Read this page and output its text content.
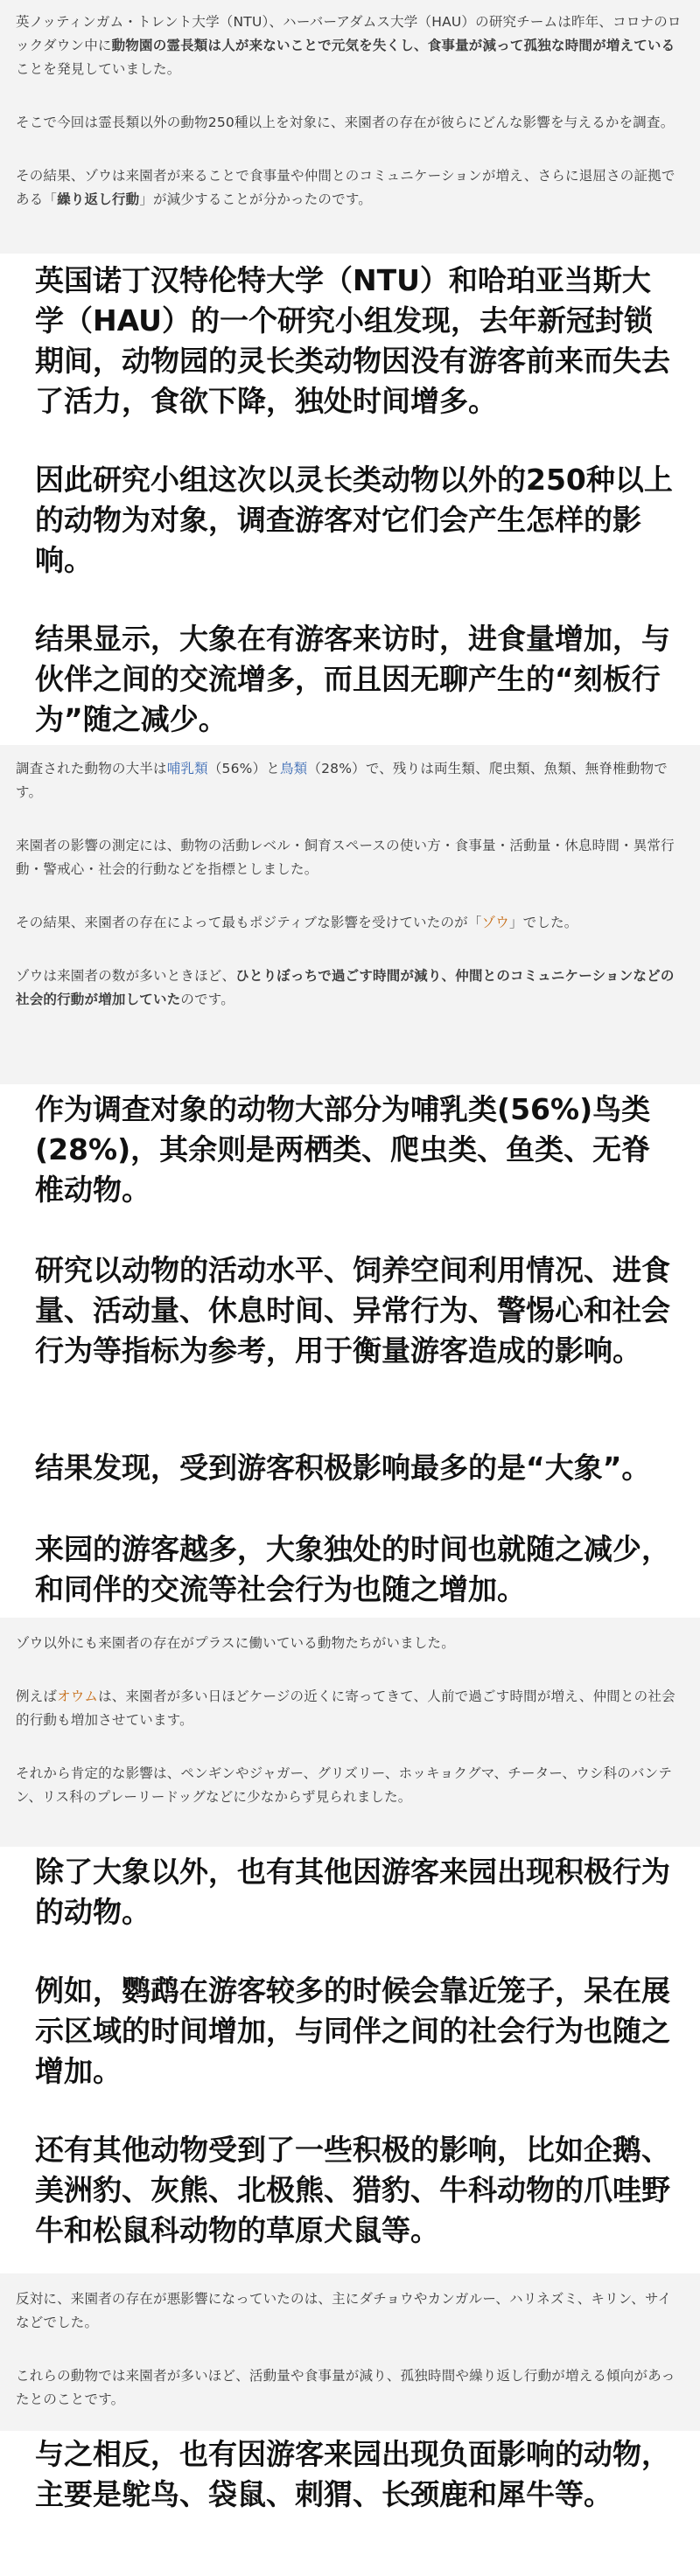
英ノッティンガム・トレント大学（NTU）、ハーバーアダムス大学（HAU）の研究チームは昨年、コロナのロックダウン中に動物園の霊長類は人が来ないことで元気を失くし、食事量が減って孤独な時間が増えていることを発見していました。

そこで今回は霊長類以外の動物250種以上を対象に、来園者の存在が彼らにどんな影響を与えるかを調査。

その結果、ゾウは来園者が来ることで食事量や仲間とのコミュニケーションが増え、さらに退屈さの証拠である「繰り返し行動」が減少することが分かったのです。

英国诺丁汉特伦特大学（NTU）和哈珀亚当斯大学（HAU）的一个研究小组发现，去年新冠封锁期间，动物园的灵长类动物因没有游客前来而失去了活力，食欲下降，独处时间增多。

因此研究小组这次以灵长类动物以外的250种以上的动物为对象，调查游客对它们会产生怎样的影响。

结果显示，大象在有游客来访时，进食量增加，与伙伴之间的交流增多，而且因无聊产生的“刻板行为”随之减少。

調査された動物の大半は哺乳類（56%）と鳥類（28%）で、残りは両生類、爬虫類、魚類、無脊椎動物です。

来園者の影響の測定には、動物の活動レベル・飼育スペースの使い方・食事量・活動量・休息時間・異常行動・警戒心・社会的行動などを指標としました。

その結果、来園者の存在によって最もポジティブな影響を受けていたのが「ゾウ」でした。

ゾウは来園者の数が多いときほど、ひとりぼっちで過ごす時間が減り、仲間とのコミュニケーションなどの社会的行動が増加していたのです。

作为调查对象的动物大部分为哺乳类(56%)鸟类(28%)，其余则是两栖类、爬虫类、鱼类、无脊椎动物。

研究以动物的活动水平、饲养空间利用情况、进食量、活动量、休息时间、异常行为、警惕心和社会行为等指标为参考，用于衡量游客造成的影响。

结果发现，受到游客积极影响最多的是“大象”。

来园的游客越多，大象独处的时间也就随之减少，和同伴的交流等社会行为也随之增加。

ゾウ以外にも来園者の存在がプラスに働いている動物たちがいました。

例えばオウムは、来園者が多い日ほどケージの近くに寄ってきて、人前で過ごす時間が増え、仲間との社会的行動も増加させています。

それから肯定的な影響は、ペンギンやジャガー、グリズリー、ホッキョクグマ、チーター、ウシ科のバンテン、リス科のプレーリードッグなどに少なからず見られました。

除了大象以外，也有其他因游客来园出现积极行为的动物。

例如，鹦鹉在游客较多的时候会靠近笼子，呆在展示区域的时间增加，与同伴之间的社会行为也随之增加。

还有其他动物受到了一些积极的影响，比如企鹅、美洲豹、灰熊、北极熊、猎豹、牛科动物的爪哇野牛和松鼠科动物的草原犬鼠等。

反対に、来園者の存在が悪影響になっていたのは、主にダチョウやカンガルー、ハリネズミ、キリン、サイなどでした。

これらの動物では来園者が多いほど、活動量や食事量が減り、孤独時間や繰り返し行動が増える傾向があったとのことです。

与之相反，也有因游客来园出现负面影响的动物，主要是鸵鸟、袋鼠、刺猬、长颈鹿和犀牛等。
